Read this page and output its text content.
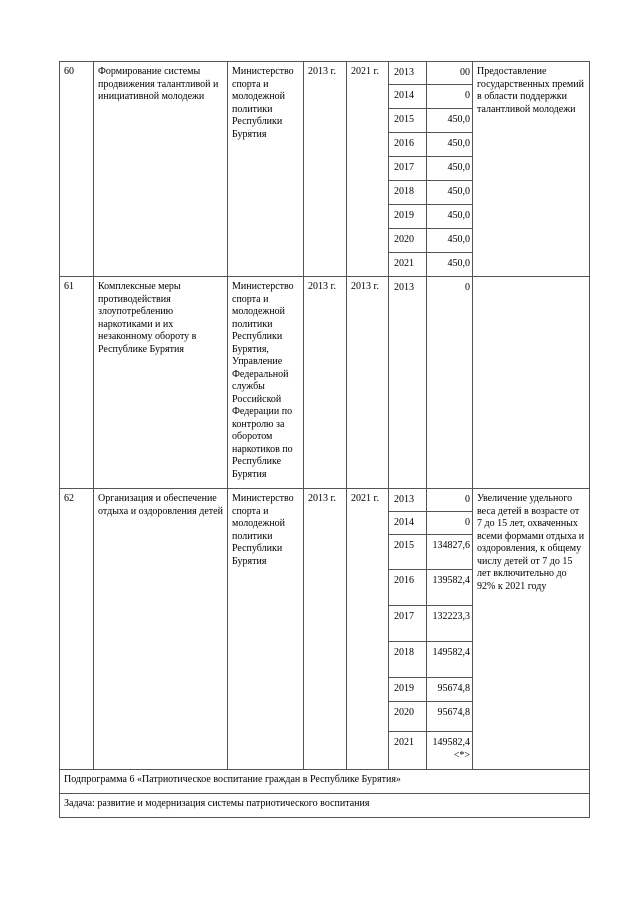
60	Формирование системы продвижения талантливой и инициативной молодежи	Министерство спорта и молодежной политики Республики Бурятия	2013 г.	2021 г.	2013	00	Предоставление государственных премий в области поддержки талантливой молодежи
					2014	0	
					2015	450,0	
					2016	450,0	
					2017	450,0	
					2018	450,0	
					2019	450,0	
					2020	450,0	
					2021	450,0	
61	Комплексные меры противодействия злоупотреблению наркотиками и их незаконному обороту в Республике Бурятия	Министерство спорта и молодежной политики Республики Бурятия, Управление Федеральной службы Российской Федерации по контролю за оборотом наркотиков по Республике Бурятия	2013 г.	2013 г.	2013	0	
62	Организация и обеспечение отдыха и оздоровления детей	Министерство спорта и молодежной политики Республики Бурятия	2013 г.	2021 г.	2013	0	Увеличение удельного веса детей в возрасте от 7 до 15 лет, охваченных всеми формами отдыха и оздоровления, к общему числу детей от 7 до 15 лет включительно до 92% к 2021 году
					2014	0	
					2015	134827,6	
					2016	139582,4	
					2017	132223,3	
					2018	149582,4	
					2019	95674,8	
					2020	95674,8	
					2021	149582,4<*>	
Подпрограмма 6 «Патриотическое воспитание граждан в Республике Бурятия»							
Задача: развитие и модернизация системы патриотического воспитания							
